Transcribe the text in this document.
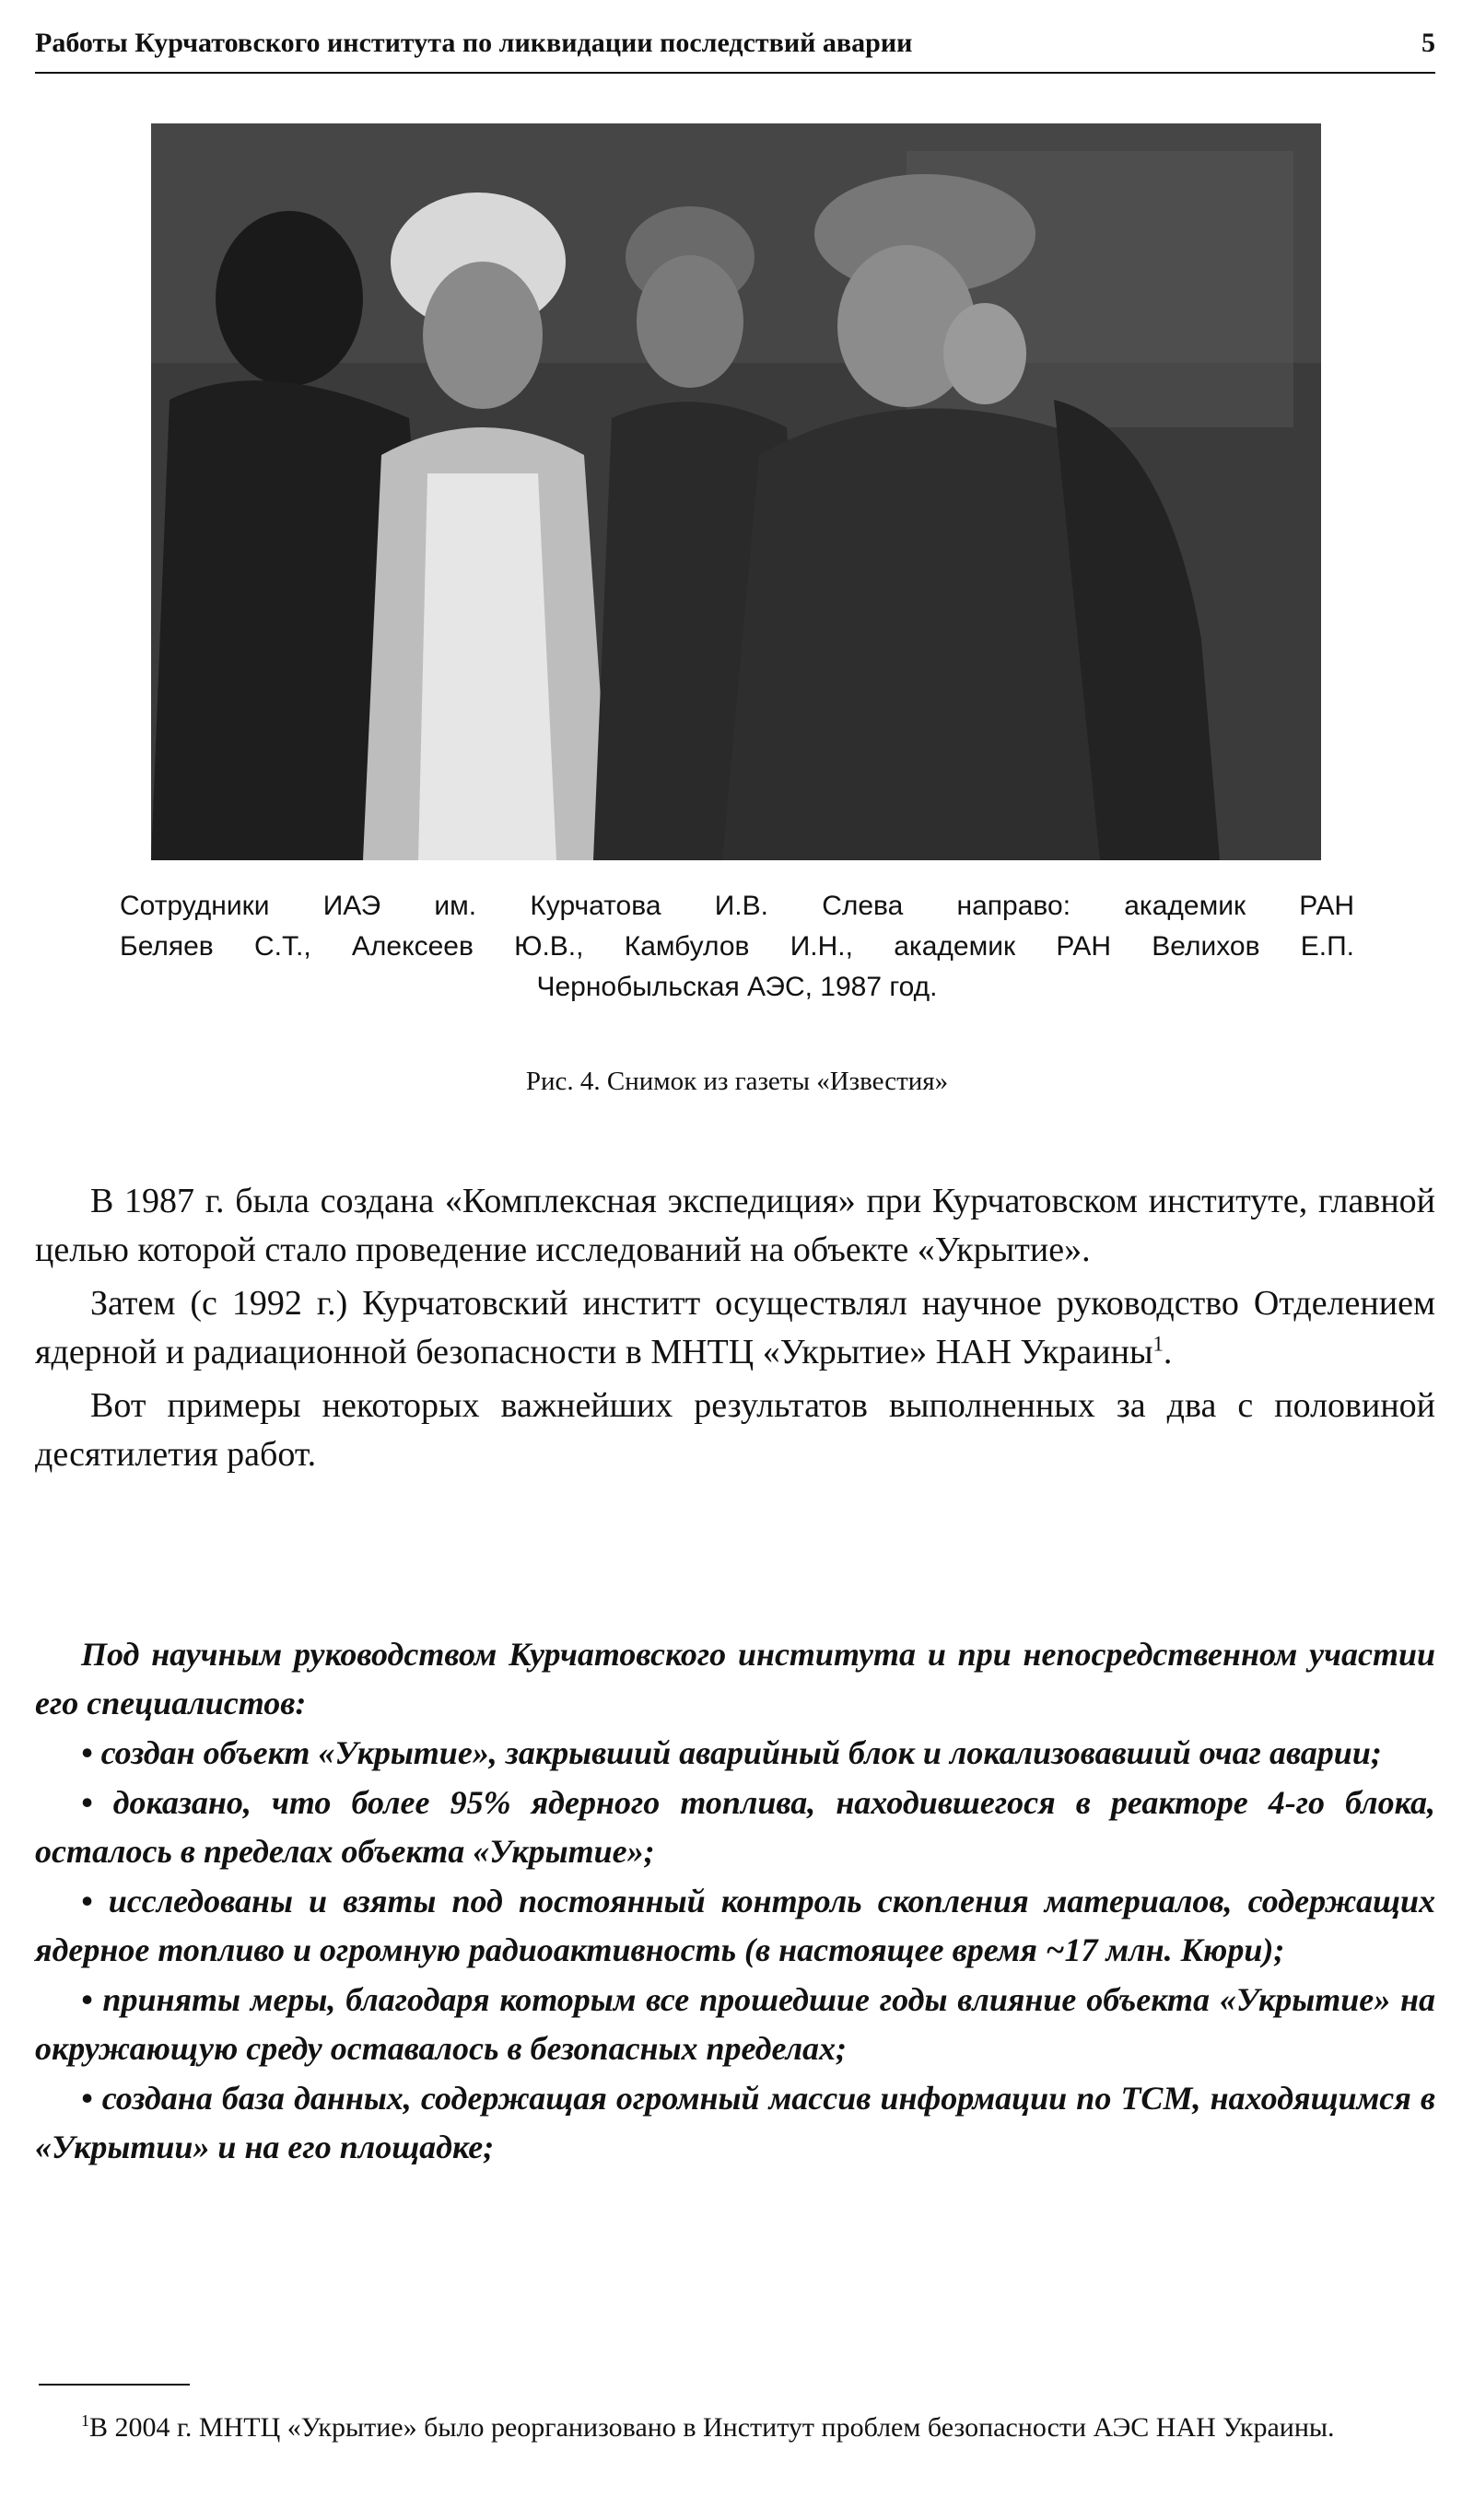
Работы Курчатовского института по ликвидации последствий аварии	5
Сотрудники ИАЭ им. Курчатова И.В. Слева направо: академик РАН
Беляев С.Т., Алексеев Ю.В., Камбулов И.Н., академик РАН Велихов Е.П.
Чернобыльская АЭС, 1987 год.
Рис. 4. Снимок из газеты «Известия»

В 1987 г. была создана «Комплексная экспедиция» при Курчатовском институте, главной целью которой стало проведение исследований на объекте «Укрытие».

Затем (с 1992 г.) Курчатовский инститт осуществлял научное руководство Отделением ядерной и радиационной безопасности в МНТЦ «Укрытие» НАН Украины$^1$.

Вот примеры некоторых важнейших результатов выполненных за два с половиной десятилетия работ.

Под научным руководством Курчатовского института и при непосредственном участии его специалистов:

• создан объект «Укрытие», закрывший аварийный блок и локализовавший очаг аварии;

• доказано, что более 95% ядерного топлива, находившегося в реакторе 4-го блока, осталось в пределах объекта «Укрытие»;

• исследованы и взяты под постоянный контроль скопления материалов, содержащих ядерное топливо и огромную радиоактивность (в настоящее время ~17 млн. Кюри);

• приняты меры, благодаря которым все прошедшие годы влияние объекта «Укрытие» на окружающую среду оставалось в безопасных пределах;

• создана база данных, содержащая огромный массив информации по ТСМ, находящимся в «Укрытии» и на его площадке;

$^1$В 2004 г. МНТЦ «Укрытие» было реорганизовано в Институт проблем безопасности АЭС НАН Украины.
